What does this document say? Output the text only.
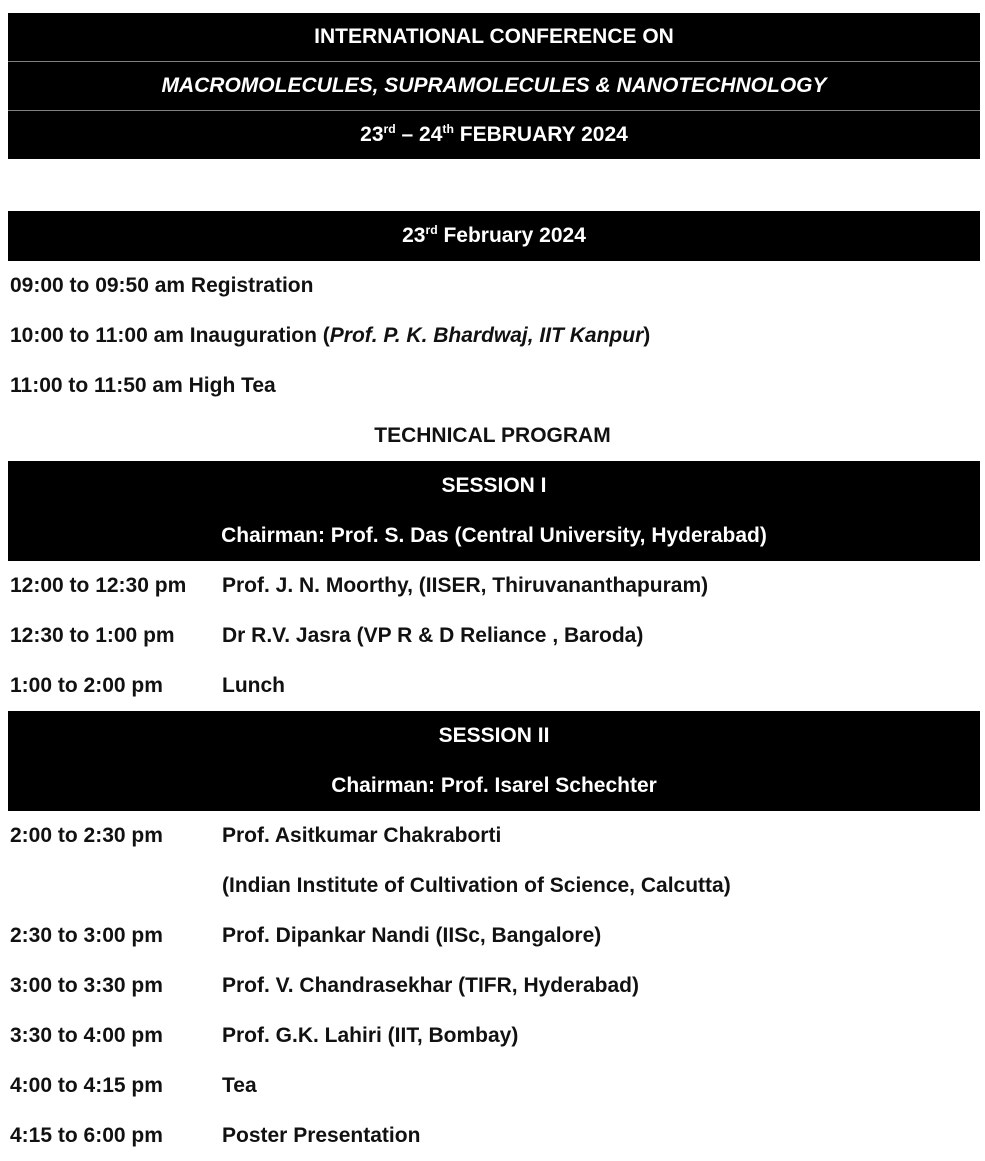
INTERNATIONAL CONFERENCE ON
MACROMOLECULES, SUPRAMOLECULES & NANOTECHNOLOGY
23rd – 24th FEBRUARY 2024
23rd February 2024
09:00 to 09:50 am Registration
10:00 to 11:00 am Inauguration (Prof. P. K. Bhardwaj, IIT Kanpur)
11:00 to 11:50 am High Tea
TECHNICAL PROGRAM
SESSION I
Chairman: Prof. S. Das (Central University, Hyderabad)
12:00 to 12:30 pm	Prof. J. N. Moorthy, (IISER, Thiruvananthapuram)
12:30 to 1:00 pm	Dr R.V. Jasra (VP R & D Reliance , Baroda)
1:00 to 2:00 pm	Lunch
SESSION II
Chairman: Prof. Isarel Schechter
2:00 to 2:30 pm	Prof. Asitkumar Chakraborti
(Indian Institute of Cultivation of Science, Calcutta)
2:30 to 3:00 pm	Prof. Dipankar Nandi (IISc, Bangalore)
3:00 to 3:30 pm	Prof. V. Chandrasekhar (TIFR, Hyderabad)
3:30 to 4:00 pm	Prof. G.K. Lahiri (IIT, Bombay)
4:00 to 4:15 pm	Tea
4:15 to 6:00 pm	Poster Presentation
